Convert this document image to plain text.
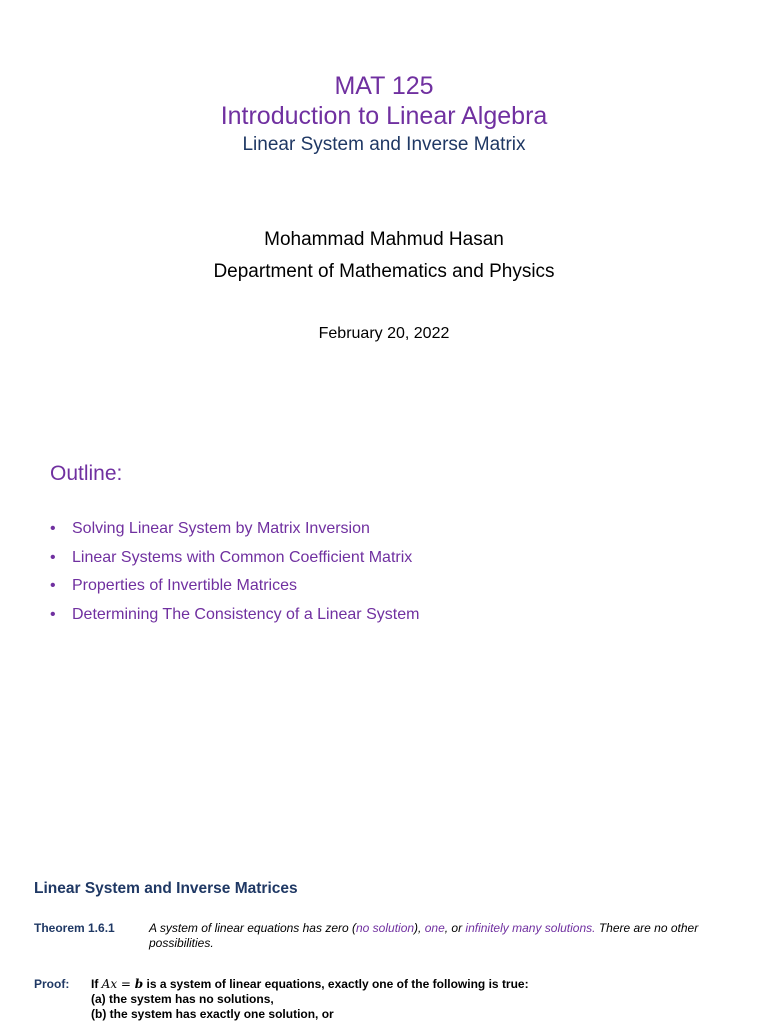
MAT 125
Introduction to Linear Algebra
Linear System and Inverse Matrix
Mohammad Mahmud Hasan
Department of Mathematics and Physics
February 20, 2022
Outline:
• Solving Linear System by Matrix Inversion
• Linear Systems with Common Coefficient Matrix
• Properties of Invertible Matrices
• Determining The Consistency of a Linear System
Linear System and Inverse Matrices
Theorem 1.6.1	A system of linear equations has zero (no solution), one, or infinitely many solutions. There are no other possibilities.
Proof: If Ax = b is a system of linear equations, exactly one of the following is true:
(a) the system has no solutions,
(b) the system has exactly one solution, or
